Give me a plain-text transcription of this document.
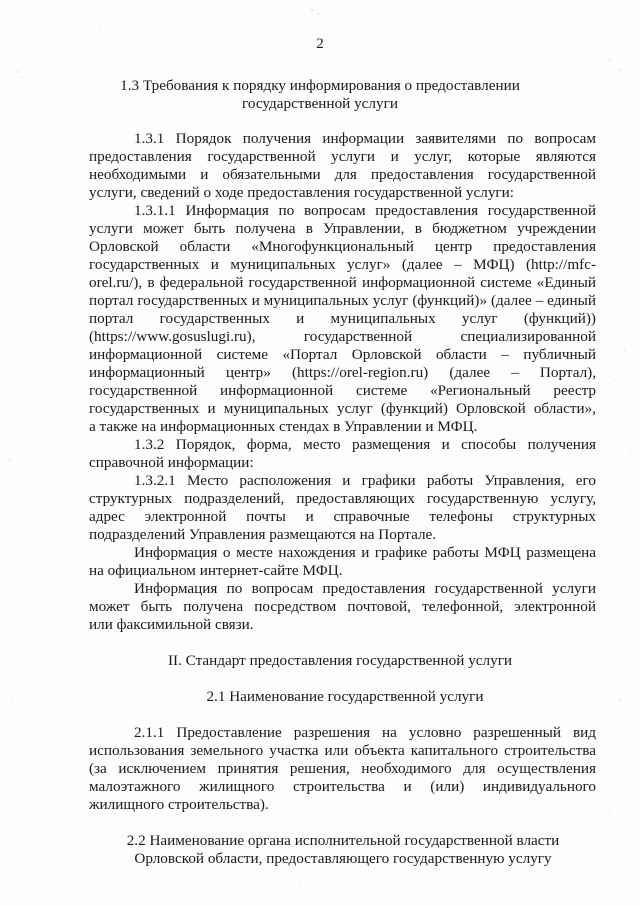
2
1.3 Требования к порядку информирования о предоставлении
государственной услуги
1.3.1 Порядок получения информации заявителями по вопросам
предоставления государственной услуги и услуг, которые являются
необходимыми и обязательными для предоставления государственной
услуги, сведений о ходе предоставления государственной услуги:
1.3.1.1 Информация по вопросам предоставления государственной
услуги может быть получена в Управлении, в бюджетном учреждении
Орловской области «Многофункциональный центр предоставления
государственных и муниципальных услуг» (далее – МФЦ) (http://mfc-
orel.ru/), в федеральной государственной информационной системе «Единый
портал государственных и муниципальных услуг (функций)» (далее – единый
портал государственных и муниципальных услуг (функций))
(https://www.gosuslugi.ru), государственной специализированной
информационной системе «Портал Орловской области – публичный
информационный центр» (https://orel-region.ru) (далее – Портал),
государственной информационной системе «Региональный реестр
государственных и муниципальных услуг (функций) Орловской области»,
а также на информационных стендах в Управлении и МФЦ.
1.3.2 Порядок, форма, место размещения и способы получения
справочной информации:
1.3.2.1 Место расположения и графики работы Управления, его
структурных подразделений, предоставляющих государственную услугу,
адрес электронной почты и справочные телефоны структурных
подразделений Управления размещаются на Портале.
Информация о месте нахождения и графике работы МФЦ размещена
на официальном интернет-сайте МФЦ.
Информация по вопросам предоставления государственной услуги
может быть получена посредством почтовой, телефонной, электронной
или факсимильной связи.
II. Стандарт предоставления государственной услуги
2.1 Наименование государственной услуги
2.1.1 Предоставление разрешения на условно разрешенный вид
использования земельного участка или объекта капитального строительства
(за исключением принятия решения, необходимого для осуществления
малоэтажного жилищного строительства и (или) индивидуального
жилищного строительства).
2.2 Наименование органа исполнительной государственной власти
Орловской области, предоставляющего государственную услугу
